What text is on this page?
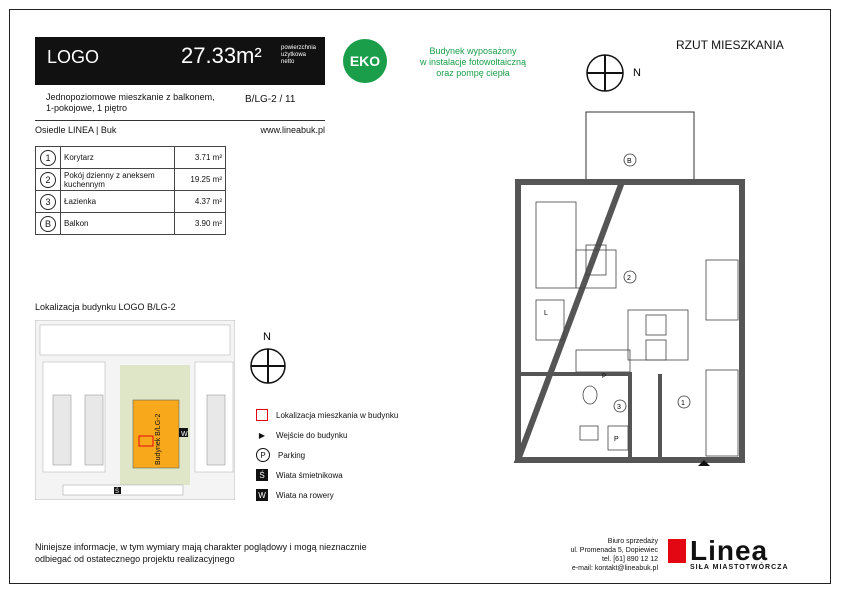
LOGO	27.33m²	powierzchnia
użytkowa
netto	EKO
Budynek wyposażony
w instalacje fotowoltaiczną
oraz pompę ciepła
RZUT MIESZKANIA
Jednopoziomowe mieszkanie z balkonem,
1-pokojowe, 1 piętro
B/LG-2 / 11
Osiedle LINEA | Buk	www.lineabuk.pl
1	Korytarz	3.71 m²
2	Pokój dzienny z aneksem kuchennym	19.25 m²
3	Łazienka	4.37 m²
B	Balkon	3.90 m²
Lokalizacja budynku LOGO B/LG-2
Budynek B/LG-2	W
Ś
N
Lokalizacja mieszkania w budynku
▶	Wejście do budynku
P	Parking
Ś	Wiata śmietnikowa
W Wiata na rowery
N
B
L
P
2
1
3
P
Niniejsze informacje, w tym wymiary mają charakter poglądowy i mogą nieznacznie
odbiegać od ostatecznego projektu realizacyjnego
Biuro sprzedaży
ul. Promenada 5, Dopiewiec
tel. [61] 890 12 12
e-mail: kontakt@lineabuk.pl
Linea
SIŁA MIASTOTWÓRCZA
